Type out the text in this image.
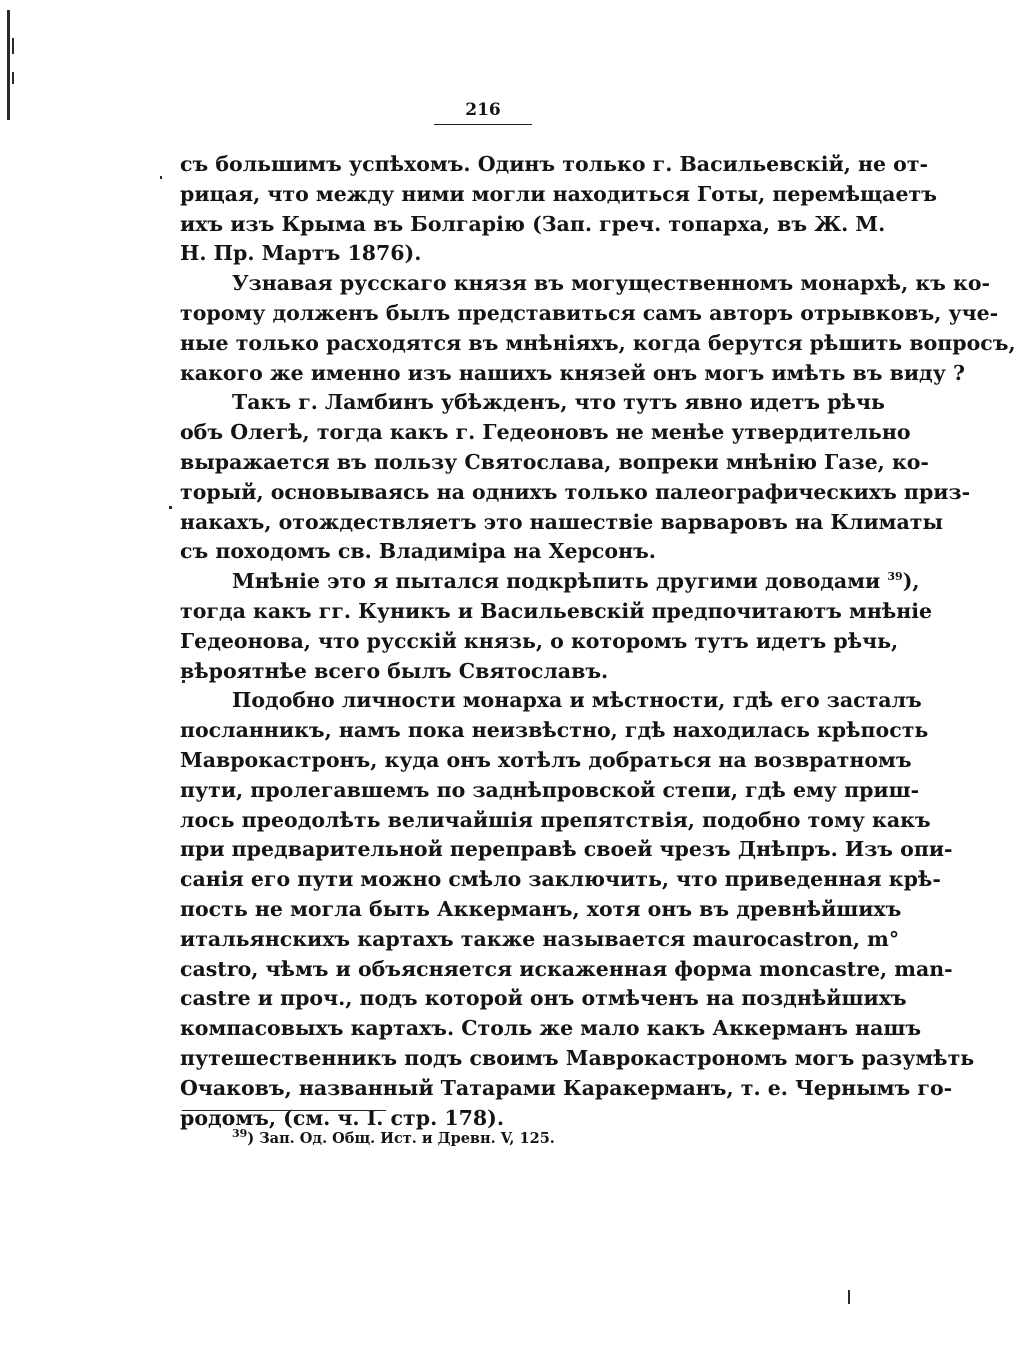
216
съ большимъ успѣхомъ. Одинъ только г. Васильевскій, не от-
рицая, что между ними могли находиться Готы, перемѣщаетъ
ихъ изъ Крыма въ Болгарію (Зап. греч. топарха, въ Ж. М.
Н. Пр. Мартъ 1876).
Узнавая русскаго князя въ могущественномъ монархѣ, къ ко-
торому долженъ былъ представиться самъ авторъ отрывковъ, уче-
ные только расходятся въ мнѣніяхъ, когда берутся рѣшить вопросъ,
какого же именно изъ нашихъ князей онъ могъ имѣть въ виду ?
Такъ г. Ламбинъ убѣжденъ, что тутъ явно идетъ рѣчь
объ Олегѣ, тогда какъ г. Гедеоновъ не менѣе утвердительно
выражается въ пользу Святослава, вопреки мнѣнію Газе, ко-
торый, основываясь на однихъ только палеографическихъ приз-
накахъ, отождествляетъ это нашествіе варваровъ на Климаты
съ походомъ св. Владиміра на Херсонъ.
Мнѣніе это я пытался подкрѣпить другими доводами $^{39}$),
тогда какъ гг. Куникъ и Васильевскій предпочитаютъ мнѣніе
Гедеонова, что русскій князь, о которомъ тутъ идетъ рѣчь,
вѣроятнѣе всего былъ Святославъ.
Подобно личности монарха и мѣстности, гдѣ его засталъ
посланникъ, намъ пока неизвѣстно, гдѣ находилась крѣпость
Маврокастронъ, куда онъ хотѣлъ добраться на возвратномъ
пути, пролегавшемъ по заднѣпровской степи, гдѣ ему приш-
лось преодолѣть величайшія препятствія, подобно тому какъ
при предварительной переправѣ своей чрезъ Днѣпръ. Изъ опи-
санія его пути можно смѣло заключить, что приведенная крѣ-
пость не могла быть Аккерманъ, хотя онъ въ древнѣйшихъ
итальянскихъ картахъ также называется maurocastron, m°
castro, чѣмъ и объясняется искаженная форма moncastre, man-
castre и проч., подъ которой онъ отмѣченъ на позднѣйшихъ
компасовыхъ картахъ. Столь же мало какъ Аккерманъ нашъ
путешественникъ подъ своимъ Маврокастрономъ могъ разумѣть
Очаковъ, названный Татарами Каракерманъ, т. е. Чернымъ го-
родомъ, (см. ч. I. стр. 178).
$^{39}$) Зап. Од. Общ. Ист. и Древн. V, 125.
